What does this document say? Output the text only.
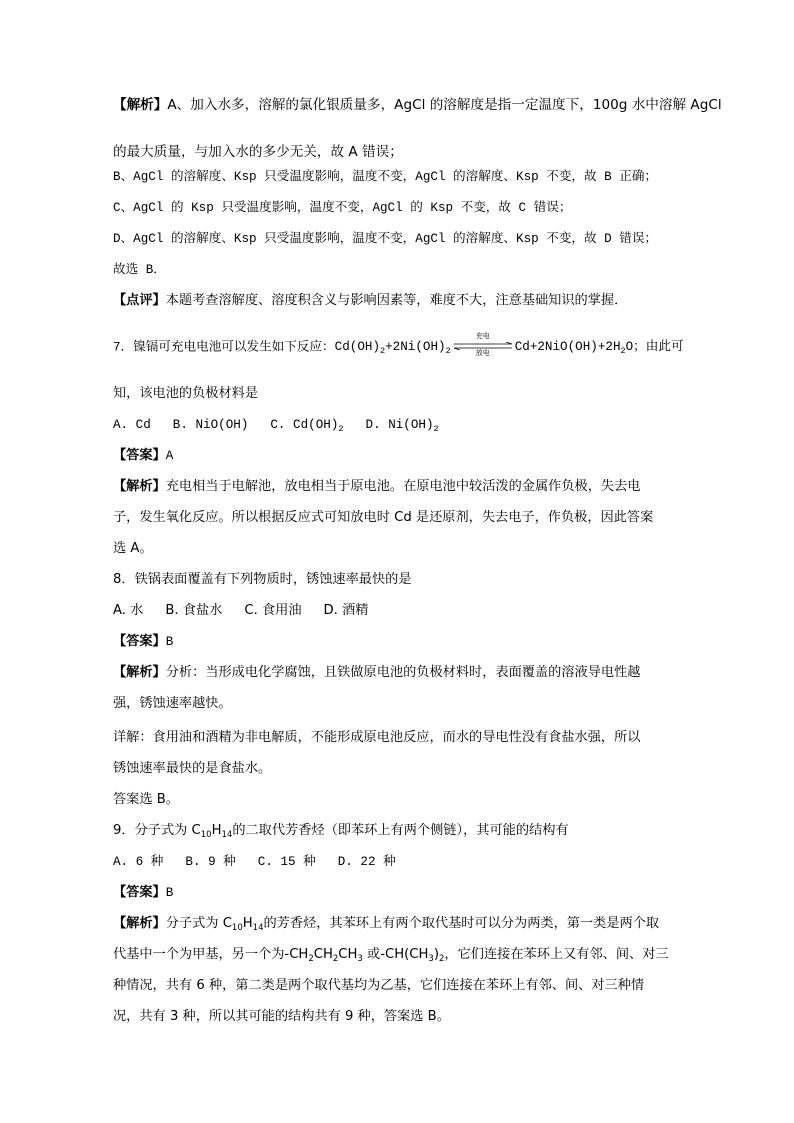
【解析】A、加入水多，溶解的氯化银质量多，AgCl 的溶解度是指一定温度下，100g 水中溶解 AgCl
的最大质量，与加入水的多少无关，故 A 错误；
B、AgCl 的溶解度、Ksp 只受温度影响，温度不变，AgCl 的溶解度、Ksp 不变，故 B 正确；
C、AgCl 的 Ksp 只受温度影响，温度不变，AgCl 的 Ksp 不变，故 C 错误；
D、AgCl 的溶解度、Ksp 只受温度影响，温度不变，AgCl 的溶解度、Ksp 不变，故 D 错误；
故选 B．
【点评】本题考查溶解度、溶度积含义与影响因素等，难度不大，注意基础知识的掌握．
7．镍镉可充电电池可以发生如下反应：$Cd(OH)_2+2Ni(OH)_2$
充电
放电	$Cd+2NiO(OH)+2H_2O$；由此可
知，该电池的负极材料是
A. Cd B. NiO(OH) C. $Cd(OH)_2$ D. $Ni(OH)_2$
【答案】A
【解析】充电相当于电解池，放电相当于原电池。在原电池中较活泼的金属作负极，失去电
子，发生氧化反应。所以根据反应式可知放电时 Cd 是还原剂，失去电子，作负极，因此答案
选 A。
8．铁锅表面覆盖有下列物质时，锈蚀速率最快的是
A. 水 B. 食盐水 C. 食用油 D. 酒精
【答案】B
【解析】分析：当形成电化学腐蚀，且铁做原电池的负极材料时，表面覆盖的溶液导电性越
强，锈蚀速率越快。
详解：食用油和酒精为非电解质，不能形成原电池反应，而水的导电性没有食盐水强，所以
锈蚀速率最快的是食盐水。
答案选 B。
9．分子式为 $C_{10}H_{14}$的二取代芳香烃（即苯环上有两个侧链），其可能的结构有
A. 6 种 B. 9 种 C. 15 种 D. 22 种
【答案】B
【解析】分子式为 $C_{10}H_{14}$的芳香烃，其苯环上有两个取代基时可以分为两类，第一类是两个取
代基中一个为甲基，另一个为$-CH_2CH_2CH_3$ 或$-CH(CH_3)_2$，它们连接在苯环上又有邻、间、对三
种情况，共有 6 种，第二类是两个取代基均为乙基，它们连接在苯环上有邻、间、对三种情
况，共有 3 种，所以其可能的结构共有 9 种，答案选 B。
